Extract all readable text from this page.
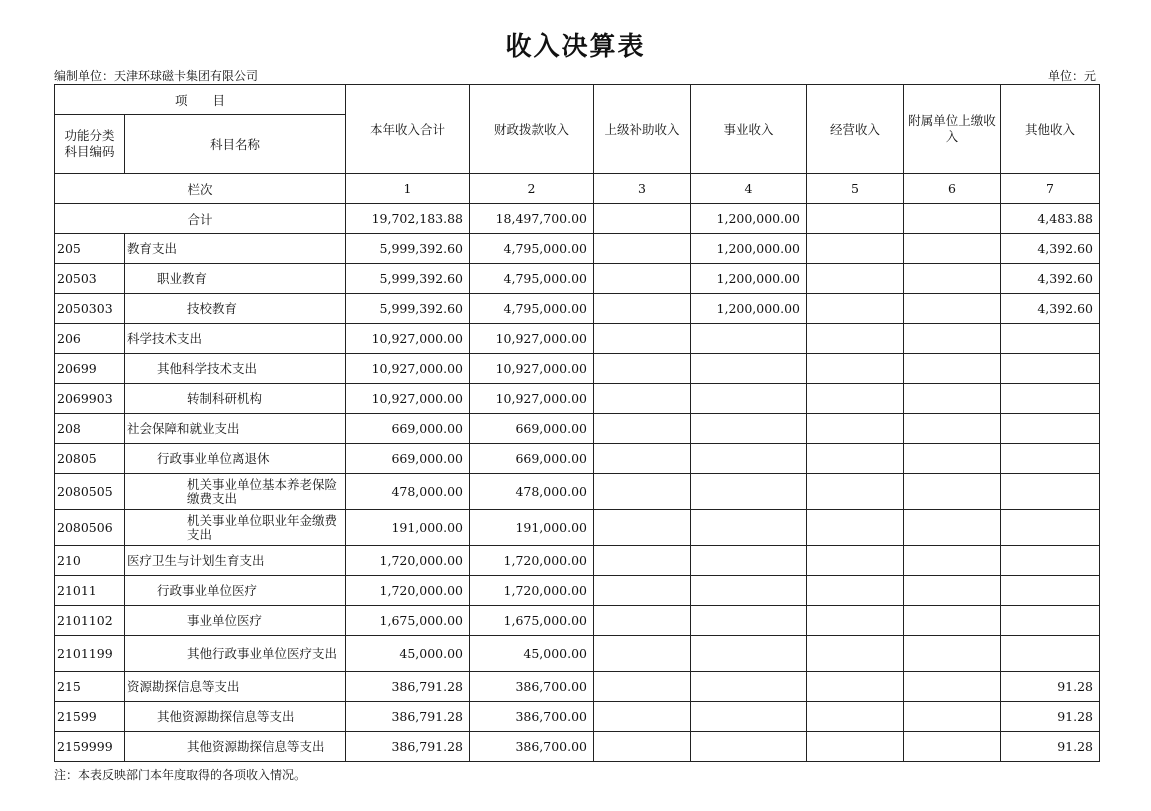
收入决算表
编制单位：天津环球磁卡集团有限公司	单位：元
项　　目		本年收入合计	财政拨款收入	上级补助收入	事业收入	经营收入	附属单位上缴收入	其他收入

功能分类科目编码	科目名称							
栏次		1	2	3	4	5	6	7
合计		19,702,183.88	18,497,700.00		1,200,000.00			4,483.88
205	教育支出	5,999,392.60	4,795,000.00		1,200,000.00			4,392.60
20503	职业教育	5,999,392.60	4,795,000.00		1,200,000.00			4,392.60
2050303	技校教育	5,999,392.60	4,795,000.00		1,200,000.00			4,392.60
206	科学技术支出	10,927,000.00	10,927,000.00					
20699	其他科学技术支出	10,927,000.00	10,927,000.00					
2069903	转制科研机构	10,927,000.00	10,927,000.00					
208	社会保障和就业支出	669,000.00	669,000.00					
20805	行政事业单位离退休	669,000.00	669,000.00					
2080505	机关事业单位基本养老保险缴费支出	478,000.00	478,000.00					
2080506	机关事业单位职业年金缴费支出	191,000.00	191,000.00					
210	医疗卫生与计划生育支出	1,720,000.00	1,720,000.00					
21011	行政事业单位医疗	1,720,000.00	1,720,000.00					
2101102	事业单位医疗	1,675,000.00	1,675,000.00					
2101199	其他行政事业单位医疗支出	45,000.00	45,000.00					
215	资源勘探信息等支出	386,791.28	386,700.00					91.28
21599	其他资源勘探信息等支出	386,791.28	386,700.00					91.28
2159999	其他资源勘探信息等支出	386,791.28	386,700.00					91.28
注：本表反映部门本年度取得的各项收入情况。
